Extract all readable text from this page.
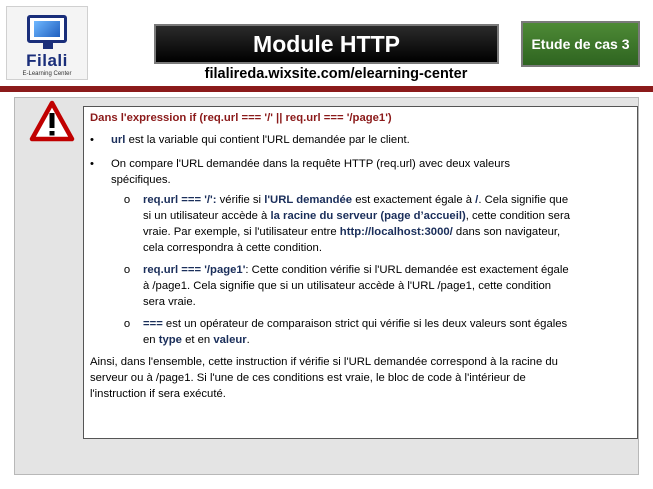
Filali
E-Learning Center
Module HTTP	Etude de cas 3
filalireda.wixsite.com/elearning-center
Dans l'expression if (req.url === '/' || req.url === '/page1')
• url est la variable qui contient l'URL demandée par le client.
• On compare l'URL demandée dans la requête HTTP (req.url) avec deux valeurs
spécifiques.
o req.url === '/': vérifie si l'URL demandée est exactement égale à /. Cela signifie que
si un utilisateur accède à la racine du serveur (page d’accueil), cette condition sera
vraie. Par exemple, si l'utilisateur entre http://localhost:3000/ dans son navigateur,
cela correspondra à cette condition.
o req.url === '/page1': Cette condition vérifie si l'URL demandée est exactement égale
à /page1. Cela signifie que si un utilisateur accède à l'URL /page1, cette condition
sera vraie.
o === est un opérateur de comparaison strict qui vérifie si les deux valeurs sont égales
en type et en valeur.
Ainsi, dans l'ensemble, cette instruction if vérifie si l'URL demandée correspond à la racine du
serveur ou à /page1. Si l'une de ces conditions est vraie, le bloc de code à l'intérieur de
l'instruction if sera exécuté.
